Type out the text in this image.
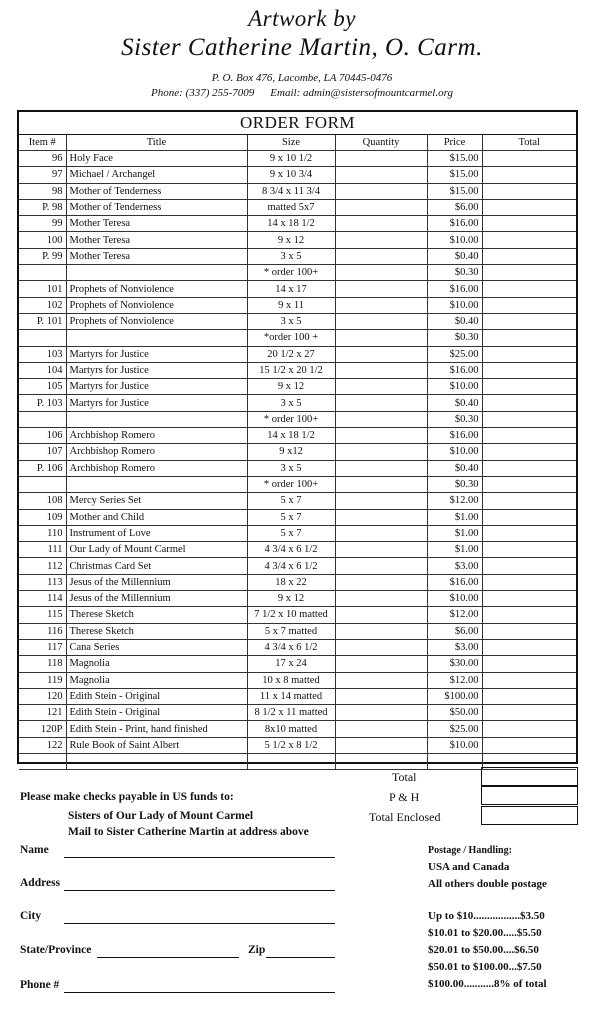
Artwork by
Sister Catherine Martin, O. Carm.
P. O. Box 476, Lacombe, LA 70445-0476
Phone: (337) 255-7009 Email: admin@sistersofmountcarmel.org
ORDER FORM
Item #	Title	Size	Quantity	Price	Total
96	Holy Face	9 x 10 1/2		$15.00	
97	Michael / Archangel	9 x 10 3/4		$15.00	
98	Mother of Tenderness	8 3/4 x 11 3/4		$15.00	
P. 98	Mother of Tenderness	matted 5x7		$6.00	
99	Mother Teresa	14 x 18 1/2		$16.00	
100	Mother Teresa	9 x 12		$10.00	
P. 99	Mother Teresa	3 x 5		$0.40	
		* order 100+		$0.30	
101	Prophets of Nonviolence	14 x 17		$16.00	
102	Prophets of Nonviolence	9 x 11		$10.00	
P. 101	Prophets of Nonviolence	3 x 5		$0.40	
		*order 100 +		$0.30	
103	Martyrs for Justice	20 1/2 x 27		$25.00	
104	Martyrs for Justice	15 1/2 x 20 1/2		$16.00	
105	Martyrs for Justice	9 x 12		$10.00	
P. 103	Martyrs for Justice	3 x 5		$0.40	
		* order 100+		$0.30	
106	Archbishop Romero	14 x 18 1/2		$16.00	
107	Archbishop Romero	9 x12		$10.00	
P. 106	Archbishop Romero	3 x 5		$0.40	
		* order 100+		$0.30	
108	Mercy Series Set	5 x 7		$12.00	
109	Mother and Child	5 x 7		$1.00	
110	Instrument of Love	5 x 7		$1.00	
111	Our Lady of Mount Carmel	4 3/4 x 6 1/2		$1.00	
112	Christmas Card Set	4 3/4 x 6 1/2		$3.00	
113	Jesus of the Millennium	18 x 22		$16.00	
114	Jesus of the Millennium	9 x 12		$10.00	
115	Therese Sketch	7 1/2 x 10 matted		$12.00	
116	Therese Sketch	5 x 7 matted		$6.00	
117	Cana Series	4 3/4 x 6 1/2		$3.00	
118	Magnolia	17 x 24		$30.00	
119	Magnolia	10 x 8 matted		$12.00	
120	Edith Stein - Original	11 x 14 matted		$100.00	
121	Edith Stein - Original	8 1/2 x 11 matted		$50.00	
120P	Edith Stein - Print, hand finished	8x10 matted		$25.00	
122	Rule Book of Saint Albert	5 1/2 x 8 1/2		$10.00	

Total
P & H
Total Enclosed
Please make checks payable in US funds to:
Sisters of Our Lady of Mount Carmel
Mail to Sister Catherine Martin at address above
Name
Address
City
State/Province	Zip
Phone #
Postage / Handling:
USA and Canada
All others double postage
Up to $10.................$3.50
$10.01 to $20.00.....$5.50
$20.01 to $50.00....$6.50
$50.01 to $100.00...$7.50
$100.00...........8% of total
